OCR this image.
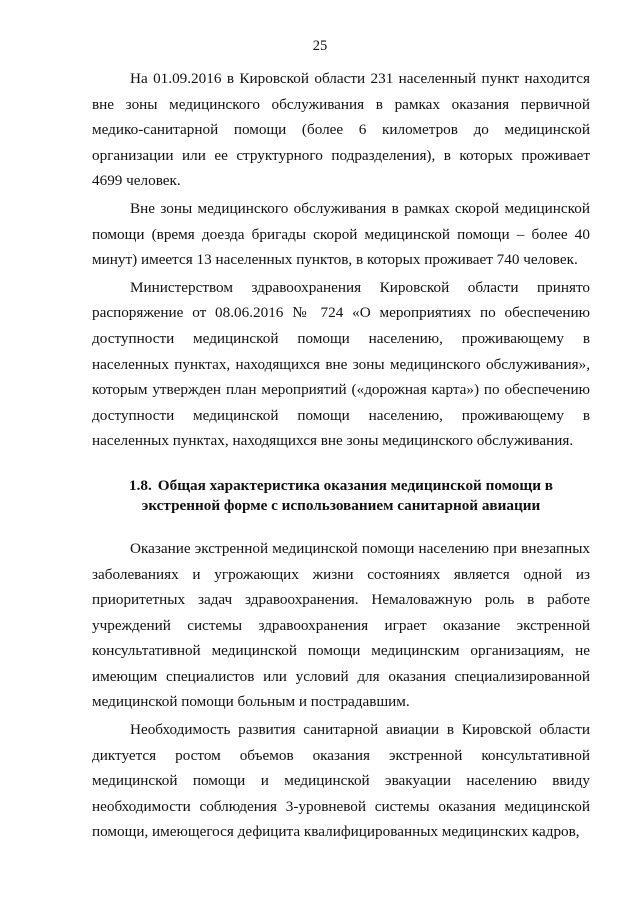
25

На 01.09.2016 в Кировской области 231 населенный пункт находится вне зоны медицинского обслуживания в рамках оказания первичной медико-санитарной помощи (более 6 километров до медицинской организации или ее структурного подразделения), в которых проживает 4699 человек.

Вне зоны медицинского обслуживания в рамках скорой медицинской помощи (время доезда бригады скорой медицинской помощи – более 40 минут) имеется 13 населенных пунктов, в которых проживает 740 человек.

Министерством здравоохранения Кировской области принято распоряжение от 08.06.2016 № 724 «О мероприятиях по обеспечению доступности медицинской помощи населению, проживающему в населенных пунктах, находящихся вне зоны медицинского обслуживания», которым утвержден план мероприятий («дорожная карта») по обеспечению доступности медицинской помощи населению, проживающему в населенных пунктах, находящихся вне зоны медицинского обслуживания.

1.8. Общая характеристика оказания медицинской помощи в экстренной форме с использованием санитарной авиации

Оказание экстренной медицинской помощи населению при внезапных заболеваниях и угрожающих жизни состояниях является одной из приоритетных задач здравоохранения. Немаловажную роль в работе учреждений системы здравоохранения играет оказание экстренной консультативной медицинской помощи медицинским организациям, не имеющим специалистов или условий для оказания специализированной медицинской помощи больным и пострадавшим.

Необходимость развития санитарной авиации в Кировской области диктуется ростом объемов оказания экстренной консультативной медицинской помощи и медицинской эвакуации населению ввиду необходимости соблюдения 3-уровневой системы оказания медицинской помощи, имеющегося дефицита квалифицированных медицинских кадров,
